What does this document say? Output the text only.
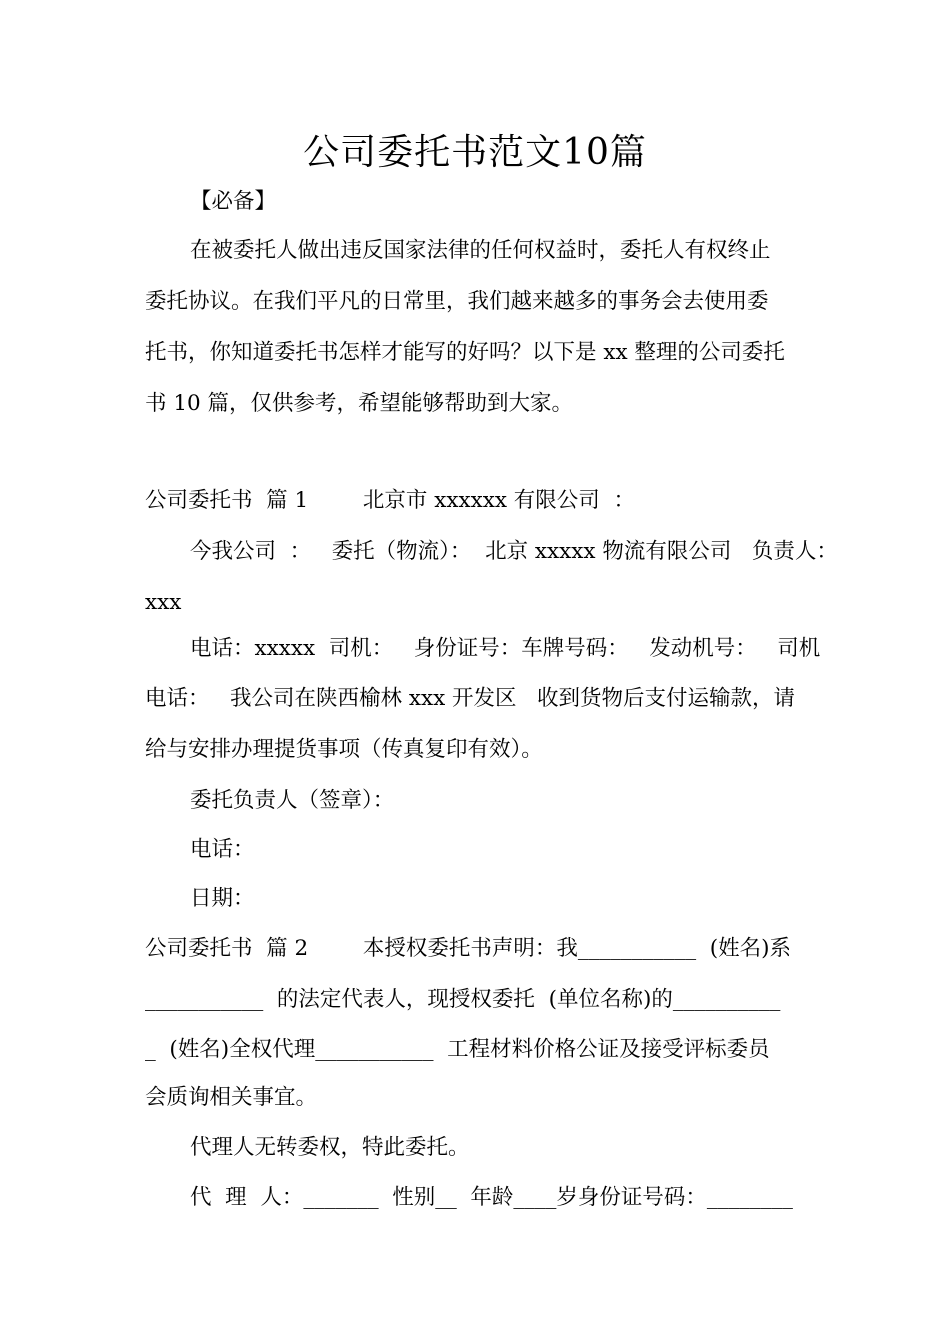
公司委托书范文10篇
【必备】
在被委托人做出违反国家法律的任何权益时，委托人有权终止
委托协议。在我们平凡的日常里，我们越来越多的事务会去使用委
托书，你知道委托书怎样才能写的好吗？以下是 xx 整理的公司委托
书 10 篇，仅供参考，希望能够帮助到大家。
公司委托书  篇 1        北京市 xxxxxx 有限公司  ：
今我公司  ：   委托（物流）：  北京 xxxxx 物流有限公司   负责人：
xxx
电话：xxxxx  司机：   身份证号：车牌号码：   发动机号：   司机
电话：   我公司在陕西榆林 xxx 开发区   收到货物后支付运输款，请
给与安排办理提货事项（传真复印有效）。
委托负责人（签章）：
电话：
日期：
公司委托书  篇 2        本授权委托书声明：我___________  (姓名)系
___________  的法定代表人，现授权委托  (单位名称)的__________
_  (姓名)全权代理___________  工程材料价格公证及接受评标委员
会质询相关事宜。
代理人无转委权，特此委托。
代  理  人：_______  性别__  年龄____岁身份证号码：________
